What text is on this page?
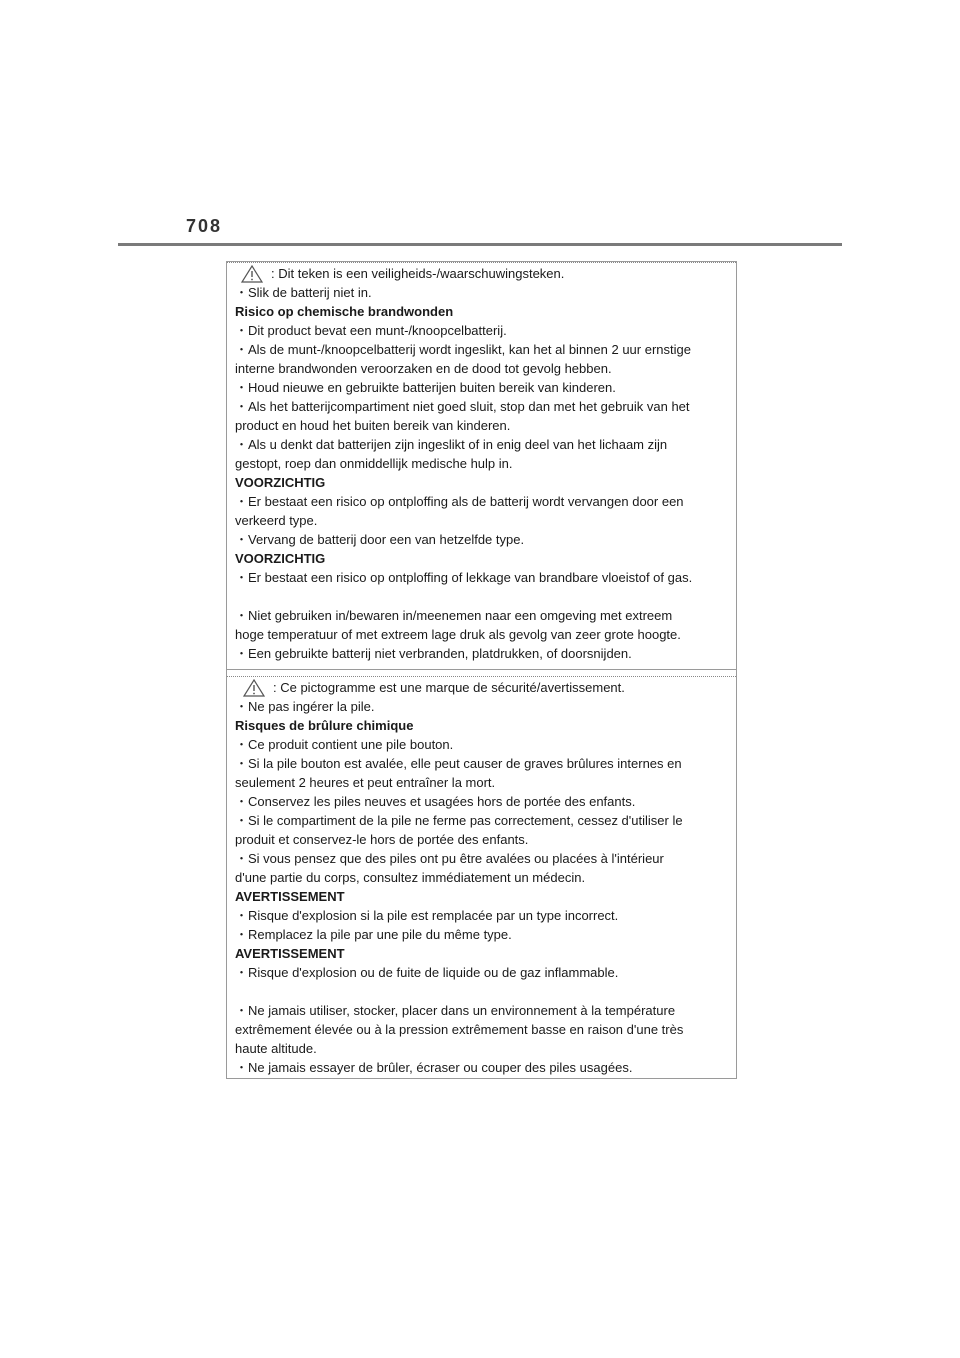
708
: Dit teken is een veiligheids-/waarschuwingsteken.
・Slik de batterij niet in.
Risico op chemische brandwonden
・Dit product bevat een munt-/knoopcelbatterij.
・Als de munt-/knoopcelbatterij wordt ingeslikt, kan het al binnen 2 uur ernstige
interne brandwonden veroorzaken en de dood tot gevolg hebben.
・Houd nieuwe en gebruikte batterijen buiten bereik van kinderen.
・Als het batterijcompartiment niet goed sluit, stop dan met het gebruik van het
product en houd het buiten bereik van kinderen.
・Als u denkt dat batterijen zijn ingeslikt of in enig deel van het lichaam zijn
gestopt, roep dan onmiddellijk medische hulp in.
VOORZICHTIG
・Er bestaat een risico op ontploffing als de batterij wordt vervangen door een
verkeerd type.
・Vervang de batterij door een van hetzelfde type.
VOORZICHTIG
・Er bestaat een risico op ontploffing of lekkage van brandbare vloeistof of gas.
・Niet gebruiken in/bewaren in/meenemen naar een omgeving met extreem
hoge temperatuur of met extreem lage druk als gevolg van zeer grote hoogte.
・Een gebruikte batterij niet verbranden, platdrukken, of doorsnijden.
: Ce pictogramme est une marque de sécurité/avertissement.
・Ne pas ingérer la pile.
Risques de brûlure chimique
・Ce produit contient une pile bouton.
・Si la pile bouton est avalée, elle peut causer de graves brûlures internes en
seulement 2 heures et peut entraîner la mort.
・Conservez les piles neuves et usagées hors de portée des enfants.
・Si le compartiment de la pile ne ferme pas correctement, cessez d'utiliser le
produit et conservez-le hors de portée des enfants.
・Si vous pensez que des piles ont pu être avalées ou placées à l'intérieur
d'une partie du corps, consultez immédiatement un médecin.
AVERTISSEMENT
・Risque d'explosion si la pile est remplacée par un type incorrect.
・Remplacez la pile par une pile du même type.
AVERTISSEMENT
・Risque d'explosion ou de fuite de liquide ou de gaz inflammable.
・Ne jamais utiliser, stocker, placer dans un environnement à la température
extrêmement élevée ou à la pression extrêmement basse en raison d'une très
haute altitude.
・Ne jamais essayer de brûler, écraser ou couper des piles usagées.
